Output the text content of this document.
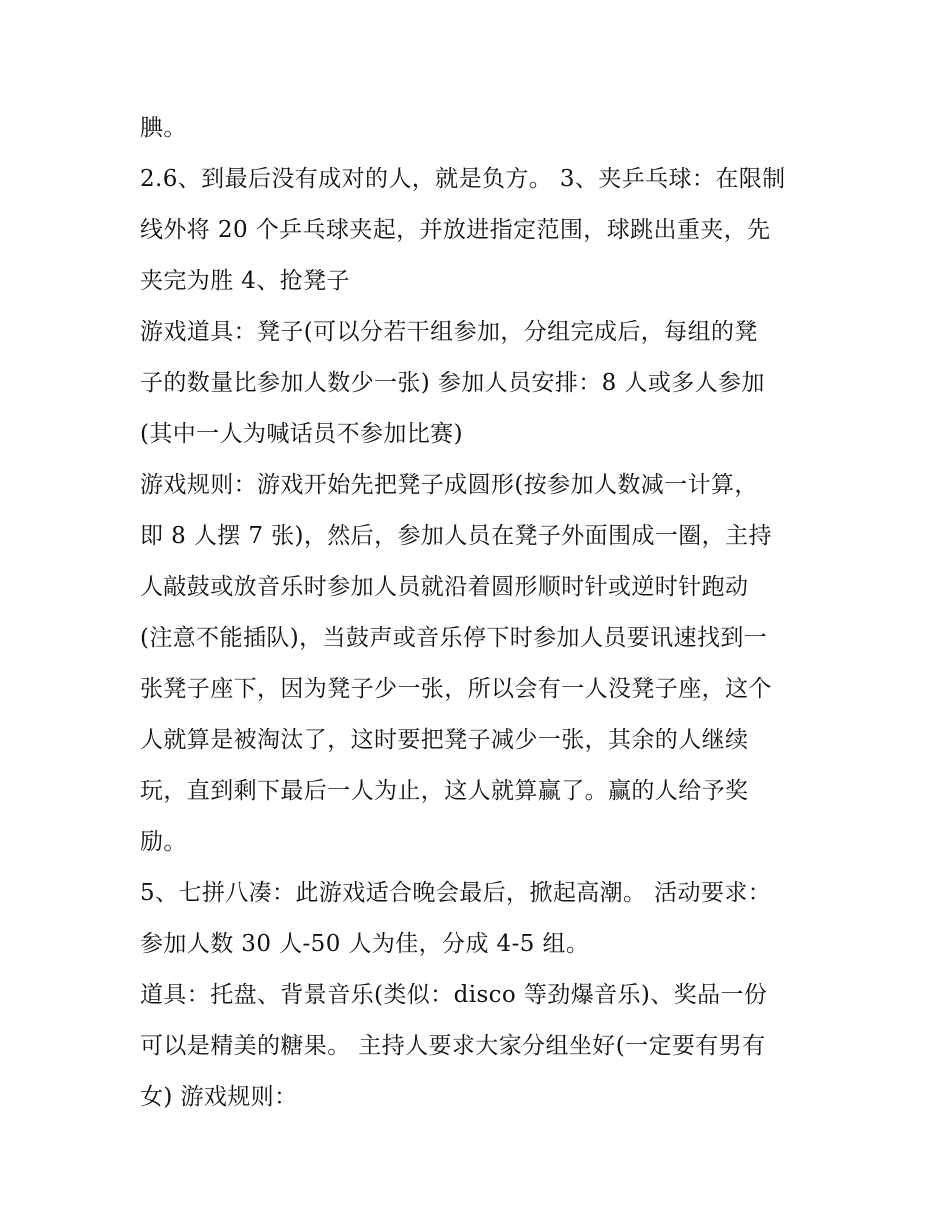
腆。
2.6、到最后没有成对的人，就是负方。 3、夹乒乓球：在限制
线外将 20 个乒乓球夹起，并放进指定范围，球跳出重夹，先
夹完为胜 4、抢凳子
游戏道具：凳子(可以分若干组参加，分组完成后，每组的凳
子的数量比参加人数少一张) 参加人员安排：8 人或多人参加
(其中一人为喊话员不参加比赛)
游戏规则：游戏开始先把凳子成圆形(按参加人数减一计算，
即 8 人摆 7 张)，然后，参加人员在凳子外面围成一圈，主持
人敲鼓或放音乐时参加人员就沿着圆形顺时针或逆时针跑动
(注意不能插队)，当鼓声或音乐停下时参加人员要讯速找到一
张凳子座下，因为凳子少一张，所以会有一人没凳子座，这个
人就算是被淘汰了，这时要把凳子减少一张，其余的人继续
玩，直到剩下最后一人为止，这人就算赢了。赢的人给予奖
励。
5、七拼八凑：此游戏适合晚会最后，掀起高潮。 活动要求：
参加人数 30 人-50 人为佳，分成 4-5 组。
道具：托盘、背景音乐(类似：disco 等劲爆音乐)、奖品一份
可以是精美的糖果。 主持人要求大家分组坐好(一定要有男有
女) 游戏规则：
